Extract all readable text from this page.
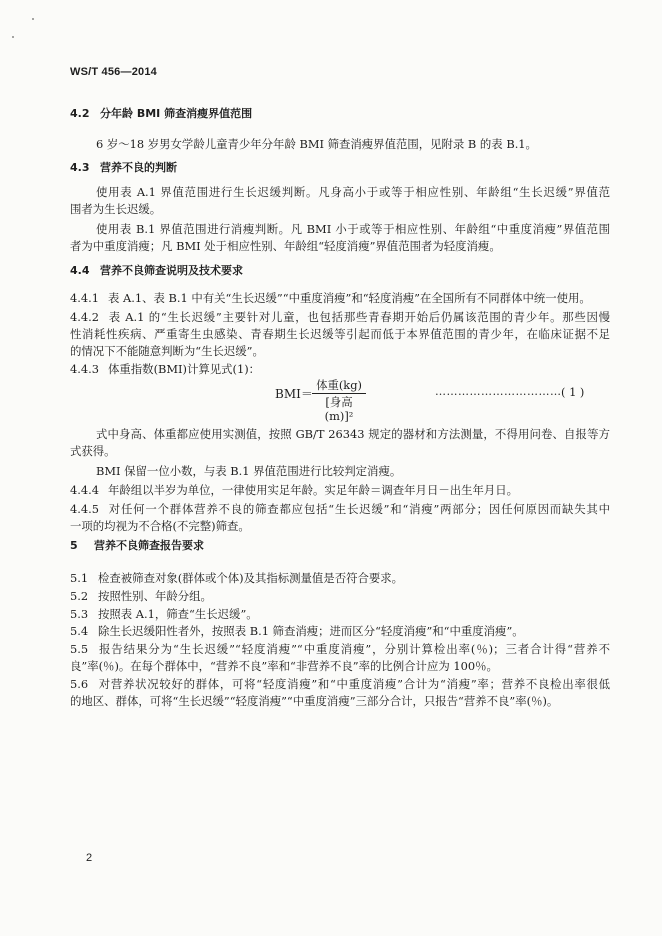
WS/T 456—2014
4.2 分年龄 BMI 筛查消瘦界值范围
6 岁～18 岁男女学龄儿童青少年分年龄 BMI 筛查消瘦界值范围，见附录 B 的表 B.1。
4.3 营养不良的判断
使用表 A.1 界值范围进行生长迟缓判断。凡身高小于或等于相应性别、年龄组“生长迟缓”界值范
围者为生长迟缓。
使用表 B.1 界值范围进行消瘦判断。凡 BMI 小于或等于相应性别、年龄组“中重度消瘦”界值范围
者为中重度消瘦；凡 BMI 处于相应性别、年龄组“轻度消瘦”界值范围者为轻度消瘦。
4.4 营养不良筛查说明及技术要求
4.4.1 表 A.1、表 B.1 中有关“生长迟缓”“中重度消瘦”和“轻度消瘦”在全国所有不同群体中统一使用。
4.4.2 表 A.1 的“生长迟缓”主要针对儿童，也包括那些青春期开始后仍属该范围的青少年。那些因慢
性消耗性疾病、严重寄生虫感染、青春期生长迟缓等引起而低于本界值范围的青少年，在临床证据不足
的情况下不能随意判断为“生长迟缓”。
4.4.3 体重指数(BMI)计算见式(1)：
BMI＝
体重(kg)
[身高(m)]²
…………………………… ( 1 )
式中身高、体重都应使用实测值，按照 GB/T 26343 规定的器材和方法测量，不得用问卷、自报等方
式获得。
BMI 保留一位小数，与表 B.1 界值范围进行比较判定消瘦。
4.4.4 年龄组以半岁为单位，一律使用实足年龄。实足年龄＝调查年月日－出生年月日。
4.4.5 对任何一个群体营养不良的筛查都应包括“生长迟缓”和“消瘦”两部分；因任何原因而缺失其中
一项的均视为不合格(不完整)筛查。
5 营养不良筛查报告要求
5.1 检查被筛查对象(群体或个体)及其指标测量值是否符合要求。
5.2 按照性别、年龄分组。
5.3 按照表 A.1，筛查“生长迟缓”。
5.4 除生长迟缓阳性者外，按照表 B.1 筛查消瘦；进而区分“轻度消瘦”和“中重度消瘦”。
5.5 报告结果分为“生长迟缓”“轻度消瘦”“中重度消瘦”，分别计算检出率(％)；三者合计得“营养不
良”率(％)。在每个群体中，“营养不良”率和“非营养不良”率的比例合计应为 100％。
5.6 对营养状况较好的群体，可将“轻度消瘦”和“中重度消瘦”合计为“消瘦”率；营养不良检出率很低
的地区、群体，可将“生长迟缓”“轻度消瘦”“中重度消瘦”三部分合计，只报告“营养不良”率(％)。
2
